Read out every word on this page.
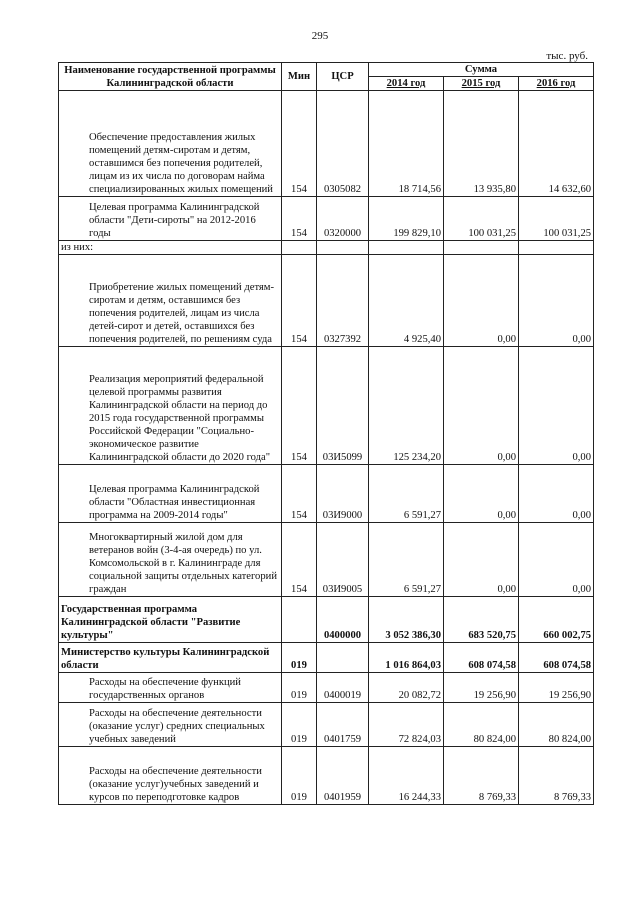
295
тыс. руб.
Наименование государственной программы Калининградской области	Мин	ЦСР	Сумма		
			2014 год	2015 год	2016 год

Обеспечение предоставления жилых помещений детям-сиротам и детям, оставшимся без попечения родителей, лицам из их числа по договорам найма специализированных жилых помещений	154	0305082	18 714,56	13 935,80	14 632,60

Целевая программа Калининградской области "Дети-сироты" на 2012-2016 годы	154	0320000	199 829,10	100 031,25	100 031,25
из них:					

Приобретение жилых помещений детям-сиротам и детям, оставшимся без попечения родителей, лицам из числа детей-сирот и детей, оставшихся без попечения родителей, по решениям суда	154	0327392	4 925,40	0,00	0,00

Реализация мероприятий федеральной целевой программы развития Калининградской области на период до 2015 года государственной программы Российской Федерации "Социально-экономическое развитие Калининградской области до 2020 года"	154	03И5099	125 234,20	0,00	0,00

Целевая программа Калининградской области "Областная инвестиционная программа на 2009-2014 годы"	154	03И9000	6 591,27	0,00	0,00

Многоквартирный жилой дом для ветеранов войн (3-4-ая очередь) по ул. Комсомольской в г. Калининграде для социальной защиты отдельных категорий граждан	154	03И9005	6 591,27	0,00	0,00
Государственная программа Калининградской области "Развитие культуры"		0400000	3 052 386,30	683 520,75	660 002,75
Министерство культуры Калининградской области	019		1 016 864,03	608 074,58	608 074,58

Расходы на обеспечение функций государственных органов	019	0400019	20 082,72	19 256,90	19 256,90

Расходы на обеспечение деятельности (оказание услуг) средних специальных учебных заведений	019	0401759	72 824,03	80 824,00	80 824,00

Расходы на обеспечение деятельности (оказание услуг)учебных заведений и курсов по переподготовке кадров	019	0401959	16 244,33	8 769,33	8 769,33
